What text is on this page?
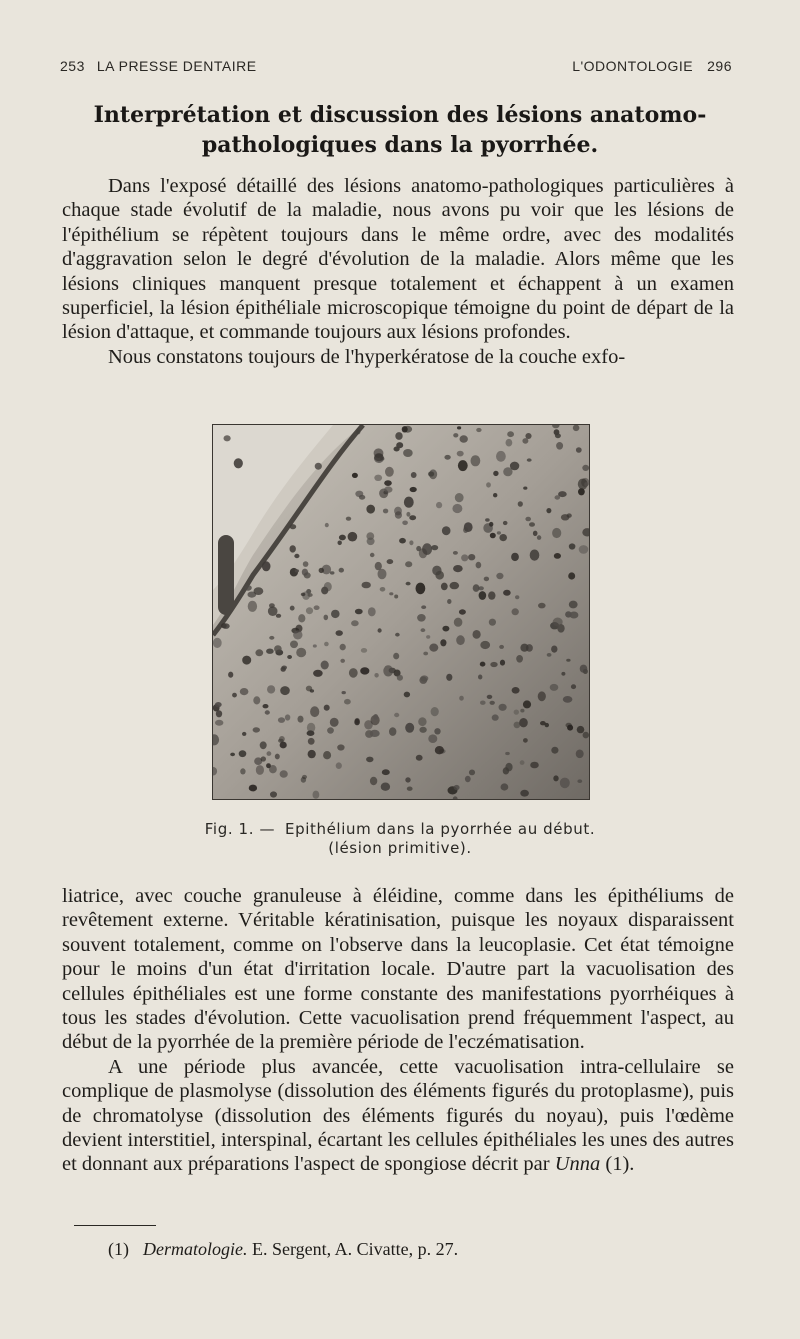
253 LA PRESSE DENTAIRE	L'ODONTOLOGIE 296
Interprétation et discussion des lésions anatomo-
pathologiques dans la pyorrhée.

Dans l'exposé détaillé des lésions anatomo-pathologiques particulières à chaque stade évolutif de la maladie, nous avons pu voir que les lésions de l'épithélium se répètent toujours dans le même ordre, avec des modalités d'aggravation selon le degré d'évolution de la maladie. Alors même que les lésions cliniques manquent presque totalement et échappent à un examen superficiel, la lésion épithéliale microscopique témoigne du point de départ de la lésion d'attaque, et commande toujours aux lésions profondes.

Nous constatons toujours de l'hyperkératose de la couche exfo-

Fig. 1. — Epithélium dans la pyorrhée au début.
(lésion primitive).

liatrice, avec couche granuleuse à éléidine, comme dans les épithéliums de revêtement externe. Véritable kératinisation, puisque les noyaux disparaissent souvent totalement, comme on l'observe dans la leucoplasie. Cet état témoigne pour le moins d'un état d'irritation locale. D'autre part la vacuolisation des cellules épithéliales est une forme constante des manifestations pyorrhéiques à tous les stades d'évolution. Cette vacuolisation prend fréquemment l'aspect, au début de la pyorrhée de la première période de l'eczématisation.

A une période plus avancée, cette vacuolisation intra-cellulaire se complique de plasmolyse (dissolution des éléments figurés du protoplasme), puis de chromatolyse (dissolution des éléments figurés du noyau), puis l'œdème devient interstitiel, interspinal, écartant les cellules épithéliales les unes des autres et donnant aux préparations l'aspect de spongiose décrit par Unna (1).

(1) Dermatologie. E. Sergent, A. Civatte, p. 27.
